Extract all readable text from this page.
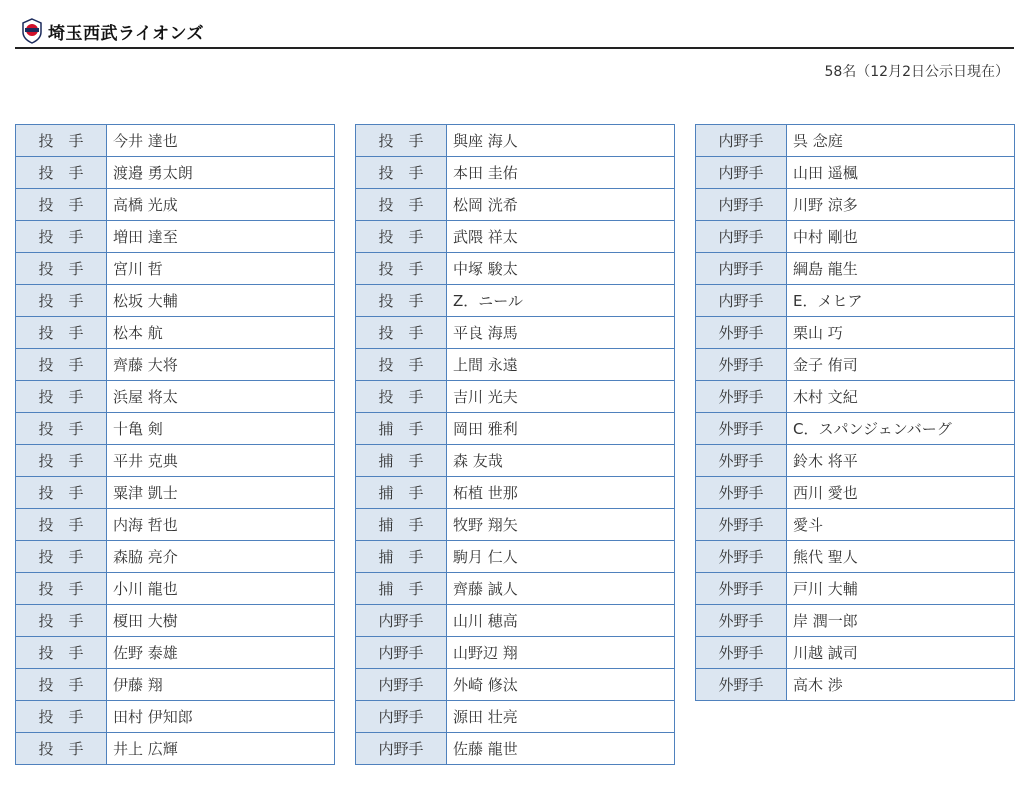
埼玉西武ライオンズ
58名（12月2日公示日現在）
投　手	今井 達也
投　手	渡邉 勇太朗
投　手	高橋 光成
投　手	増田 達至
投　手	宮川 哲
投　手	松坂 大輔
投　手	松本 航
投　手	齊藤 大将
投　手	浜屋 将太
投　手	十亀 剣
投　手	平井 克典
投　手	粟津 凱士
投　手	内海 哲也
投　手	森脇 亮介
投　手	小川 龍也
投　手	榎田 大樹
投　手	佐野 泰雄
投　手	伊藤 翔
投　手	田村 伊知郎
投　手	井上 広輝
投　手	與座 海人
投　手	本田 圭佑
投　手	松岡 洸希
投　手	武隈 祥太
投　手	中塚 駿太
投　手	Z．ニール
投　手	平良 海馬
投　手	上間 永遠
投　手	吉川 光夫
捕　手	岡田 雅利
捕　手	森 友哉
捕　手	柘植 世那
捕　手	牧野 翔矢
捕　手	駒月 仁人
捕　手	齊藤 誠人
内野手	山川 穂高
内野手	山野辺 翔
内野手	外崎 修汰
内野手	源田 壮亮
内野手	佐藤 龍世
内野手	呉 念庭
内野手	山田 遥楓
内野手	川野 涼多
内野手	中村 剛也
内野手	綱島 龍生
内野手	E．メヒア
外野手	栗山 巧
外野手	金子 侑司
外野手	木村 文紀
外野手	C．スパンジェンバーグ
外野手	鈴木 将平
外野手	西川 愛也
外野手	愛斗
外野手	熊代 聖人
外野手	戸川 大輔
外野手	岸 潤一郎
外野手	川越 誠司
外野手	高木 渉
